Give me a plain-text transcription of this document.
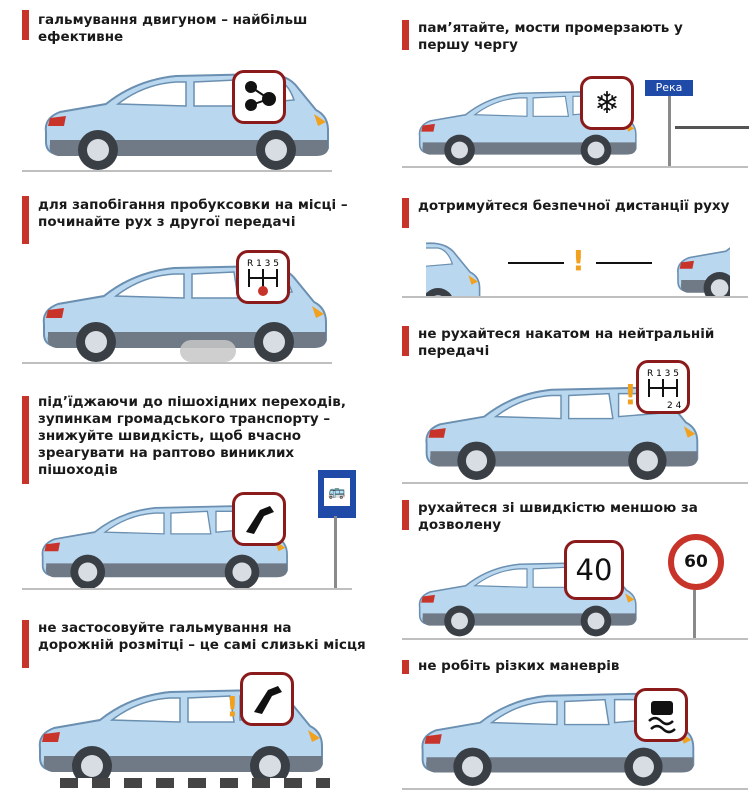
гальмування двигуном – найбільш ефективне
для запобігання пробуксовки на місці – починайте рух з другої передачі
R 1 3 5
під’їджаючи до пішохідних переходів, зупинкам громадського транспорту – знижуйте швидкість, щоб вчасно зреагувати на раптово виниклих пішоходів
🚌
не застосовуйте гальмування на дорожній розмітці – це самі слизькі місця
!
пам’ятайте, мости промерзають у першу чергу
❄	Река
дотримуйтеся безпечної дистанції руху
!
не рухайтеся накатом на нейтральній передачі
R 1 3 5
2 4
!
рухайтеся зі швидкістю меншою за дозволену
40	60
не робіть різких маневрів
